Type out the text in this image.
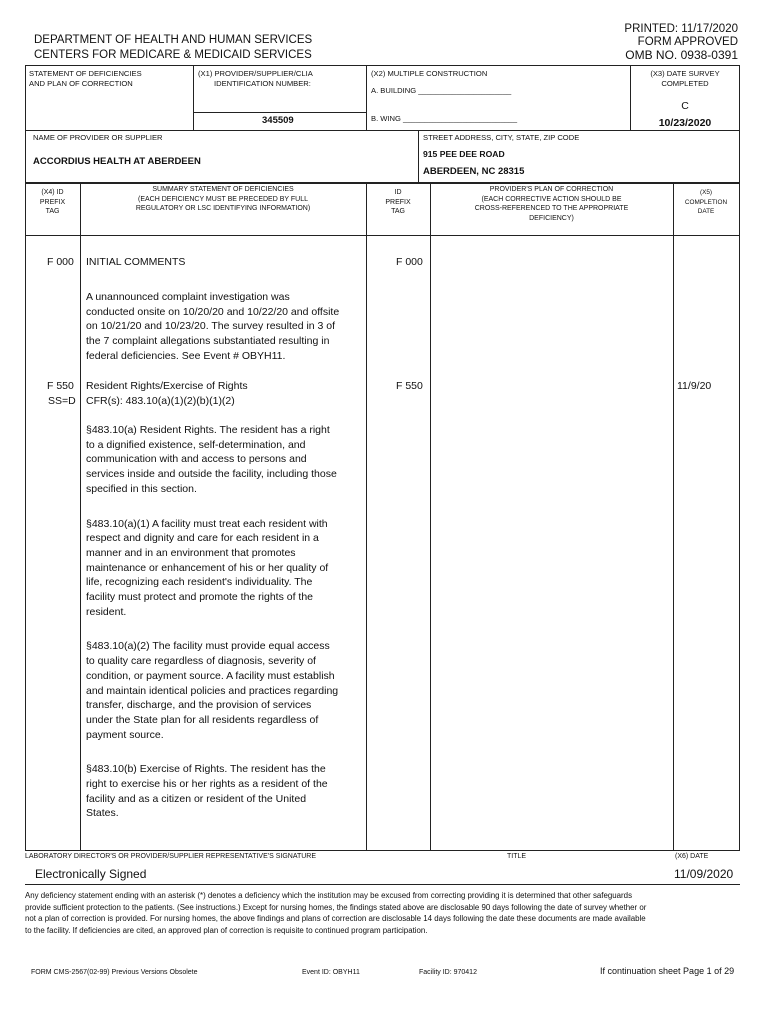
DEPARTMENT OF HEALTH AND HUMAN SERVICES
CENTERS FOR MEDICARE & MEDICAID SERVICES
PRINTED: 11/17/2020
FORM APPROVED
OMB NO. 0938-0391
STATEMENT OF DEFICIENCIES
AND PLAN OF CORRECTION
(X1) PROVIDER/SUPPLIER/CLIA
IDENTIFICATION NUMBER:
345509
(X2) MULTIPLE CONSTRUCTION
A. BUILDING ______________________
B. WING ___________________________
(X3) DATE SURVEY
COMPLETED
C
10/23/2020
NAME OF PROVIDER OR SUPPLIER
ACCORDIUS HEALTH AT ABERDEEN
STREET ADDRESS, CITY, STATE, ZIP CODE
915 PEE DEE ROAD
ABERDEEN, NC 28315
(X4) ID
PREFIX
TAG
SUMMARY STATEMENT OF DEFICIENCIES
(EACH DEFICIENCY MUST BE PRECEDED BY FULL
REGULATORY OR LSC IDENTIFYING INFORMATION)
ID
PREFIX
TAG
PROVIDER'S PLAN OF CORRECTION
(EACH CORRECTIVE ACTION SHOULD BE
CROSS-REFERENCED TO THE APPROPRIATE
DEFICIENCY)
(X5)
COMPLETION
DATE
F 000 INITIAL COMMENTS	F 000
A unannounced complaint investigation was conducted onsite on 10/20/20 and 10/22/20 and offsite on 10/21/20 and 10/23/20. The survey resulted in 3 of the 7 complaint allegations substantiated resulting in federal deficiencies. See Event # OBYH11.
F 550
SS=D
Resident Rights/Exercise of Rights
CFR(s): 483.10(a)(1)(2)(b)(1)(2)
F 550	11/9/20

§483.10(a) Resident Rights. The resident has a right to a dignified existence, self-determination, and communication with and access to persons and services inside and outside the facility, including those specified in this section.

§483.10(a)(1) A facility must treat each resident with respect and dignity and care for each resident in a manner and in an environment that promotes maintenance or enhancement of his or her quality of life, recognizing each resident's individuality. The facility must protect and promote the rights of the resident.

§483.10(a)(2) The facility must provide equal access to quality care regardless of diagnosis, severity of condition, or payment source. A facility must establish and maintain identical policies and practices regarding transfer, discharge, and the provision of services under the State plan for all residents regardless of payment source.

§483.10(b) Exercise of Rights. The resident has the right to exercise his or her rights as a resident of the facility and as a citizen or resident of the United States.

LABORATORY DIRECTOR'S OR PROVIDER/SUPPLIER REPRESENTATIVE'S SIGNATURE	TITLE	(X6) DATE
Electronically Signed	11/09/2020
Any deficiency statement ending with an asterisk (*) denotes a deficiency which the institution may be excused from correcting providing it is determined that other safeguards provide sufficient protection to the patients. (See instructions.) Except for nursing homes, the findings stated above are disclosable 90 days following the date of survey whether or not a plan of correction is provided. For nursing homes, the above findings and plans of correction are disclosable 14 days following the date these documents are made available to the facility. If deficiencies are cited, an approved plan of correction is requisite to continued program participation.
FORM CMS-2567(02-99) Previous Versions Obsolete	Event ID: OBYH11	Facility ID: 970412	If continuation sheet Page 1 of 29
